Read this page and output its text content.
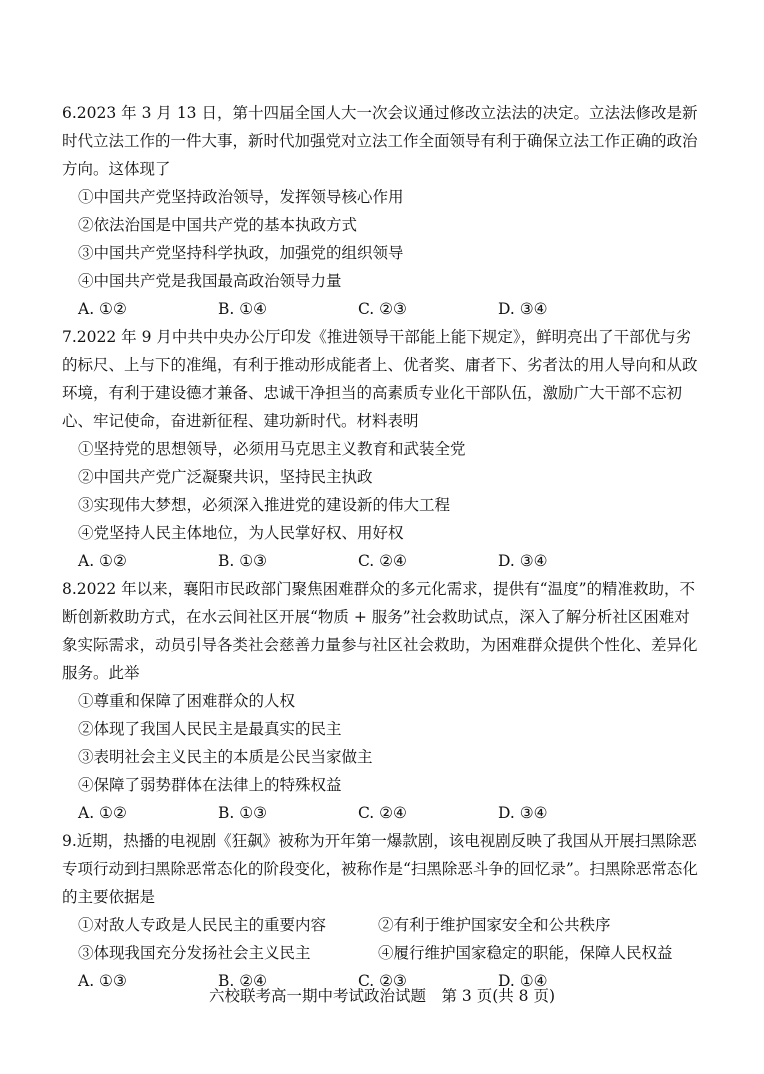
6.2023 年 3 月 13 日，第十四届全国人大一次会议通过修改立法法的决定。立法法修改是新时代立法工作的一件大事，新时代加强党对立法工作全面领导有利于确保立法工作正确的政治方向。这体现了
①中国共产党坚持政治领导，发挥领导核心作用
②依法治国是中国共产党的基本执政方式
③中国共产党坚持科学执政，加强党的组织领导
④中国共产党是我国最高政治领导力量
A. ①②	B. ①④	C. ②③	D. ③④
7.2022 年 9 月中共中央办公厅印发《推进领导干部能上能下规定》，鲜明亮出了干部优与劣的标尺、上与下的准绳，有利于推动形成能者上、优者奖、庸者下、劣者汰的用人导向和从政环境，有利于建设德才兼备、忠诚干净担当的高素质专业化干部队伍，激励广大干部不忘初心、牢记使命，奋进新征程、建功新时代。材料表明
①坚持党的思想领导，必须用马克思主义教育和武装全党
②中国共产党广泛凝聚共识，坚持民主执政
③实现伟大梦想，必须深入推进党的建设新的伟大工程
④党坚持人民主体地位，为人民掌好权、用好权
A. ①②	B. ①③	C. ②④	D. ③④
8.2022 年以来，襄阳市民政部门聚焦困难群众的多元化需求，提供有“温度”的精准救助，不断创新救助方式，在水云间社区开展“物质 + 服务”社会救助试点，深入了解分析社区困难对象实际需求，动员引导各类社会慈善力量参与社区社会救助，为困难群众提供个性化、差异化服务。此举
①尊重和保障了困难群众的人权
②体现了我国人民民主是最真实的民主
③表明社会主义民主的本质是公民当家做主
④保障了弱势群体在法律上的特殊权益
A. ①②	B. ①③	C. ②④	D. ③④
9.近期，热播的电视剧《狂飙》被称为开年第一爆款剧，该电视剧反映了我国从开展扫黑除恶专项行动到扫黑除恶常态化的阶段变化，被称作是“扫黑除恶斗争的回忆录”。扫黑除恶常态化的主要依据是
①对敌人专政是人民民主的重要内容	②有利于维护国家安全和公共秩序
③体现我国充分发扬社会主义民主	④履行维护国家稳定的职能，保障人民权益
A. ①③	B. ②④	C. ②③	D. ①④
六校联考高一期中考试政治试题　第 3 页(共 8 页)
